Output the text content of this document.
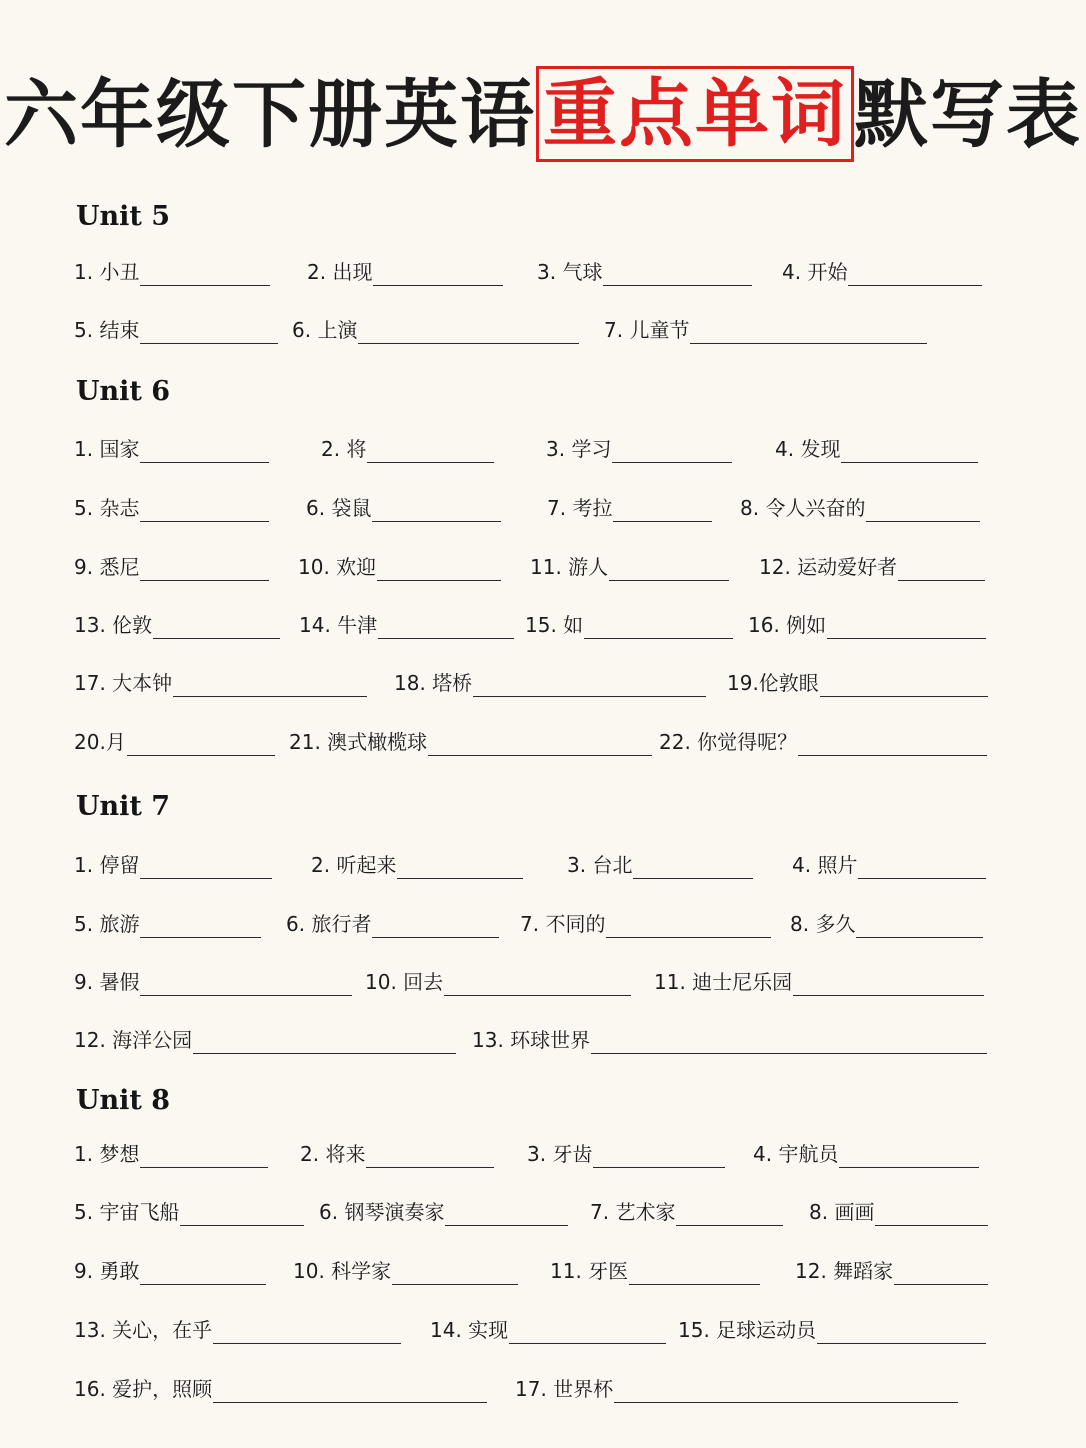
六年级下册英语重点单词默写表
Unit 5
1. 小丑	2. 出现	3. 气球	4. 开始
5. 结束	6. 上演	7. 儿童节
Unit 6
1. 国家	2. 将	3. 学习	4. 发现
5. 杂志	6. 袋鼠	7. 考拉	8. 令人兴奋的
9. 悉尼	10. 欢迎	11. 游人	12. 运动爱好者
13. 伦敦	14. 牛津	15. 如	16. 例如
17. 大本钟	18. 塔桥	19.伦敦眼
20.月	21. 澳式橄榄球	22. 你觉得呢？
Unit 7
1. 停留	2. 听起来	3. 台北	4. 照片
5. 旅游	6. 旅行者	7. 不同的	8. 多久
9. 暑假	10. 回去	11. 迪士尼乐园
12. 海洋公园	13. 环球世界
Unit 8
1. 梦想	2. 将来	3. 牙齿	4. 宇航员
5. 宇宙飞船	6. 钢琴演奏家	7. 艺术家	8. 画画
9. 勇敢	10. 科学家	11. 牙医	12. 舞蹈家
13. 关心，在乎	14. 实现	15. 足球运动员
16. 爱护，照顾	17. 世界杯
